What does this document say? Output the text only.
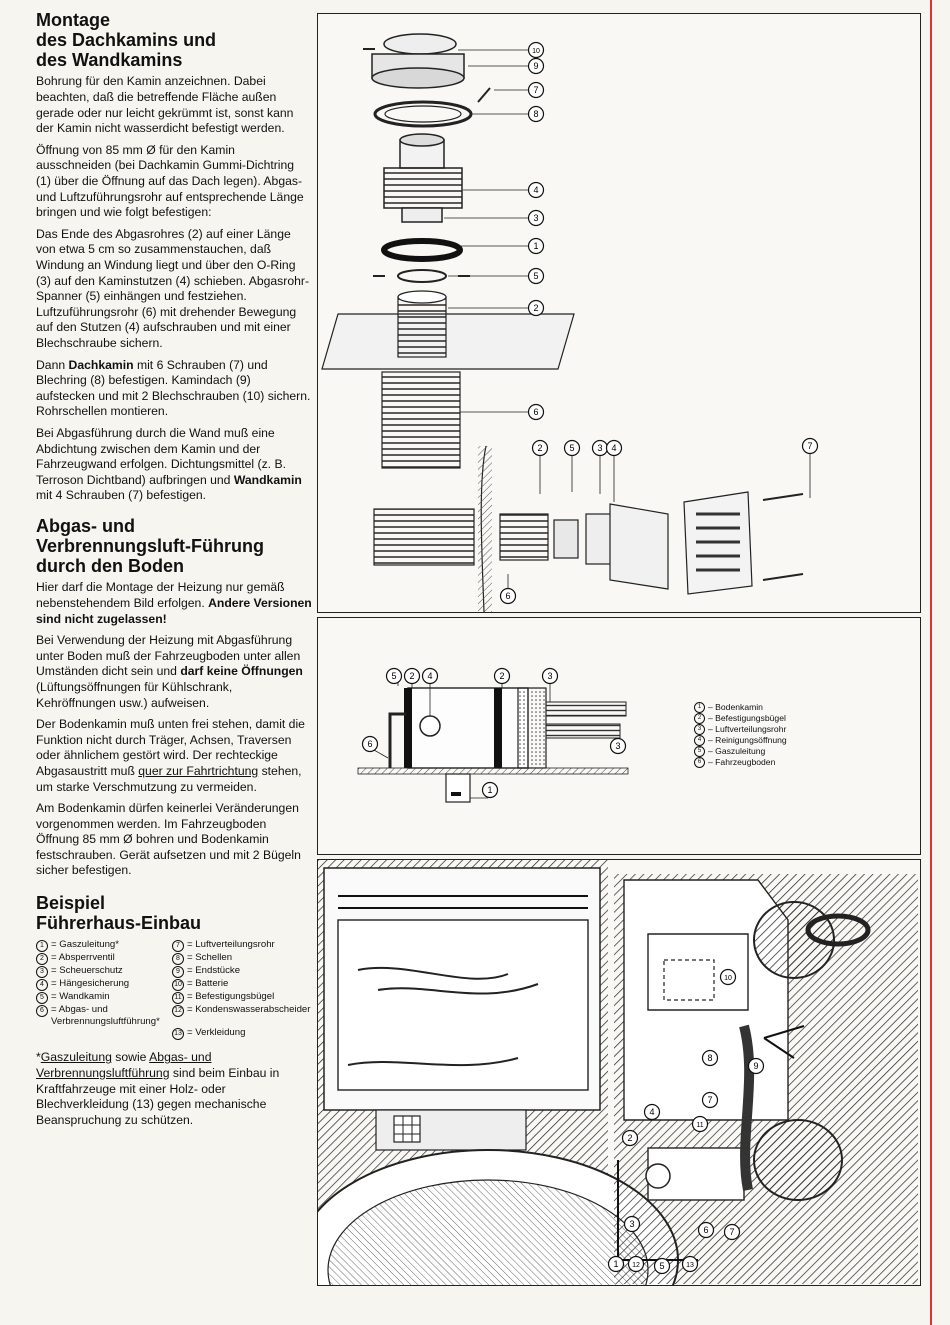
Montage
des Dachkamins und
des Wandkamins

Bohrung für den Kamin anzeichnen. Dabei beachten, daß die betreffende Fläche außen gerade oder nur leicht gekrümmt ist, sonst kann der Kamin nicht wasserdicht befestigt werden.

Öffnung von 85 mm Ø für den Kamin ausschneiden (bei Dachkamin Gummi-Dichtring (1) über die Öffnung auf das Dach legen). Abgas- und Luftzuführungsrohr auf entsprechende Länge bringen und wie folgt befestigen:

Das Ende des Abgasrohres (2) auf einer Länge von etwa 5 cm so zusammenstauchen, daß Windung an Windung liegt und über den O-Ring (3) auf den Kaminstutzen (4) schieben. Abgasrohr-Spanner (5) einhängen und festziehen. Luftzuführungsrohr (6) mit drehender Bewegung auf den Stutzen (4) aufschrauben und mit einer Blechschraube sichern.

Dann Dachkamin mit 6 Schrauben (7) und Blechring (8) befestigen. Kamindach (9) aufstecken und mit 2 Blechschrauben (10) sichern. Rohrschellen montieren.

Bei Abgasführung durch die Wand muß eine Abdichtung zwischen dem Kamin und der Fahrzeugwand erfolgen. Dichtungsmittel (z. B. Terroson Dichtband) aufbringen und Wandkamin mit 4 Schrauben (7) befestigen.

Abgas- und
Verbrennungsluft-Führung
durch den Boden

Hier darf die Montage der Heizung nur gemäß nebenstehendem Bild erfolgen. Andere Versionen sind nicht zugelassen!

Bei Verwendung der Heizung mit Abgasführung unter Boden muß der Fahrzeugboden unter allen Umständen dicht sein und darf keine Öffnungen (Lüftungsöffnungen für Kühlschrank, Kehröffnungen usw.) aufweisen.

Der Bodenkamin muß unten frei stehen, damit die Funktion nicht durch Träger, Achsen, Traversen oder ähnlichem gestört wird. Der rechteckige Abgasaustritt muß quer zur Fahrtrichtung stehen, um starke Verschmutzung zu vermeiden.

Am Bodenkamin dürfen keinerlei Veränderungen vorgenommen werden. Im Fahrzeugboden Öffnung 85 mm Ø bohren und Bodenkamin festschrauben. Gerät aufsetzen und mit 2 Bügeln sicher befestigen.

Beispiel
Führerhaus-Einbau
1 = Gaszuleitung*	7 = Luftverteilungsrohr
2 = Absperrventil	8 = Schellen
3 = Scheuerschutz	9 = Endstücke
4 = Hängesicherung	10 = Batterie
5 = Wandkamin	11 = Befestigungsbügel
6 = Abgas- und Verbrennungsluftführung*
12 = Kondenswasserabscheider
13 = Verkleidung

*Gaszuleitung sowie Abgas- und Verbrennungsluftführung sind beim Einbau in Kraftfahrzeuge mit einer Holz- oder Blechverkleidung (13) gegen mechanische Beanspruchung zu schützen.

10
9
7
8
4
3
1
5
2
6
2	5	3 4	7
6
5 2 4	2	3
3
6
1
1 – Bodenkamin
2 – Befestigungsbügel
3 – Luftverteilungsrohr
4 – Reinigungsöffnung
5 – Gaszuleitung
6 – Fahrzeugboden
10
8
9
7
4
2
11
3
6 7
1 12 5	13
